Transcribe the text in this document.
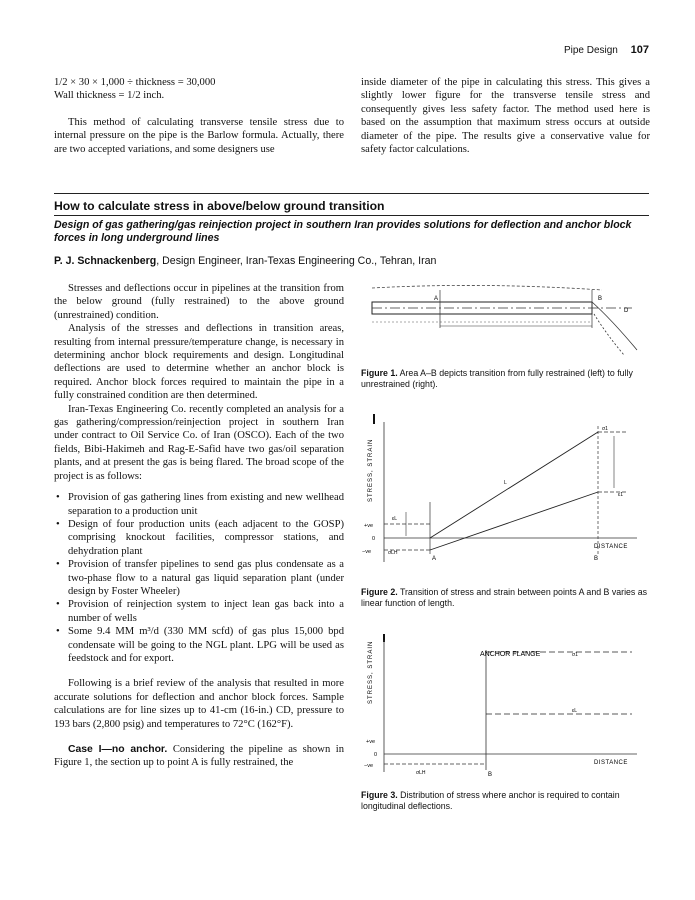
Pipe Design 107

1/2 × 30 × 1,000 ÷ thickness = 30,000

Wall thickness = 1/2 inch.

This method of calculating transverse tensile stress due to internal pressure on the pipe is the Barlow formula. Actually, there are two accepted variations, and some designers use

inside diameter of the pipe in calculating this stress. This gives a slightly lower figure for the transverse tensile stress and consequently gives less safety factor. The method used here is based on the assumption that maximum stress occurs at outside diameter of the pipe. The results give a conservative value for safety factor calculations.

How to calculate stress in above/below ground transition
Design of gas gathering/gas reinjection project in southern Iran provides solutions for deflection and anchor block forces in long underground lines
P. J. Schnackenberg, Design Engineer, Iran-Texas Engineering Co., Tehran, Iran

Stresses and deflections occur in pipelines at the transition from the below ground (fully restrained) to the above ground (unrestrained) condition.

Analysis of the stresses and deflections in transition areas, resulting from internal pressure/temperature change, is necessary in determining anchor block requirements and design. Longitudinal deflections are used to determine whether an anchor block is required. Anchor block forces required to maintain the pipe in a fully constrained condition are then determined.

Iran-Texas Engineering Co. recently completed an analysis for a gas gathering/compression/reinjection project in southern Iran under contract to Oil Service Co. of Iran (OSCO). Each of the two fields, Bibi-Hakimeh and Rag-E-Safid have two gas/oil separation plants, and at present the gas is being flared. The broad scope of the project is as follows:

• Provision of gas gathering lines from existing and new wellhead separation to a production unit
• Design of four production units (each adjacent to the GOSP) comprising knockout facilities, compressor stations, and dehydration plant
• Provision of transfer pipelines to send gas plus condensate as a two-phase flow to a natural gas liquid separation plant (under design by Foster Wheeler)
• Provision of reinjection system to inject lean gas back into a number of wells
• Some 9.4 MM m³/d (330 MM scfd) of gas plus 15,000 bpd condensate will be going to the NGL plant. LPG will be used as feedstock and for export.

Following is a brief review of the analysis that resulted in more accurate solutions for deflection and anchor block forces. Sample calculations are for line sizes up to 41-cm (16-in.) CD, pressure to 193 bars (2,800 psig) and temperatures to 72°C (162°F).

Case I—no anchor. Considering the pipeline as shown in Figure 1, the section up to point A is fully restrained, the

A	B
D
Figure 1. Area A–B depicts transition from fully restrained (left) to fully unrestrained (right).
STRESS, STRAIN
+ve
0
−ve
A	B
DISTANCE
σLH
εL
L
ε1
σ1
Figure 2. Transition of stress and strain between points A and B varies as linear function of length.
STRESS, STRAIN	ANCHOR FLANGE	σ1
εL
+ve
0
−ve
σLH	B
DISTANCE
Figure 3. Distribution of stress where anchor is required to contain longitudinal deflections.
